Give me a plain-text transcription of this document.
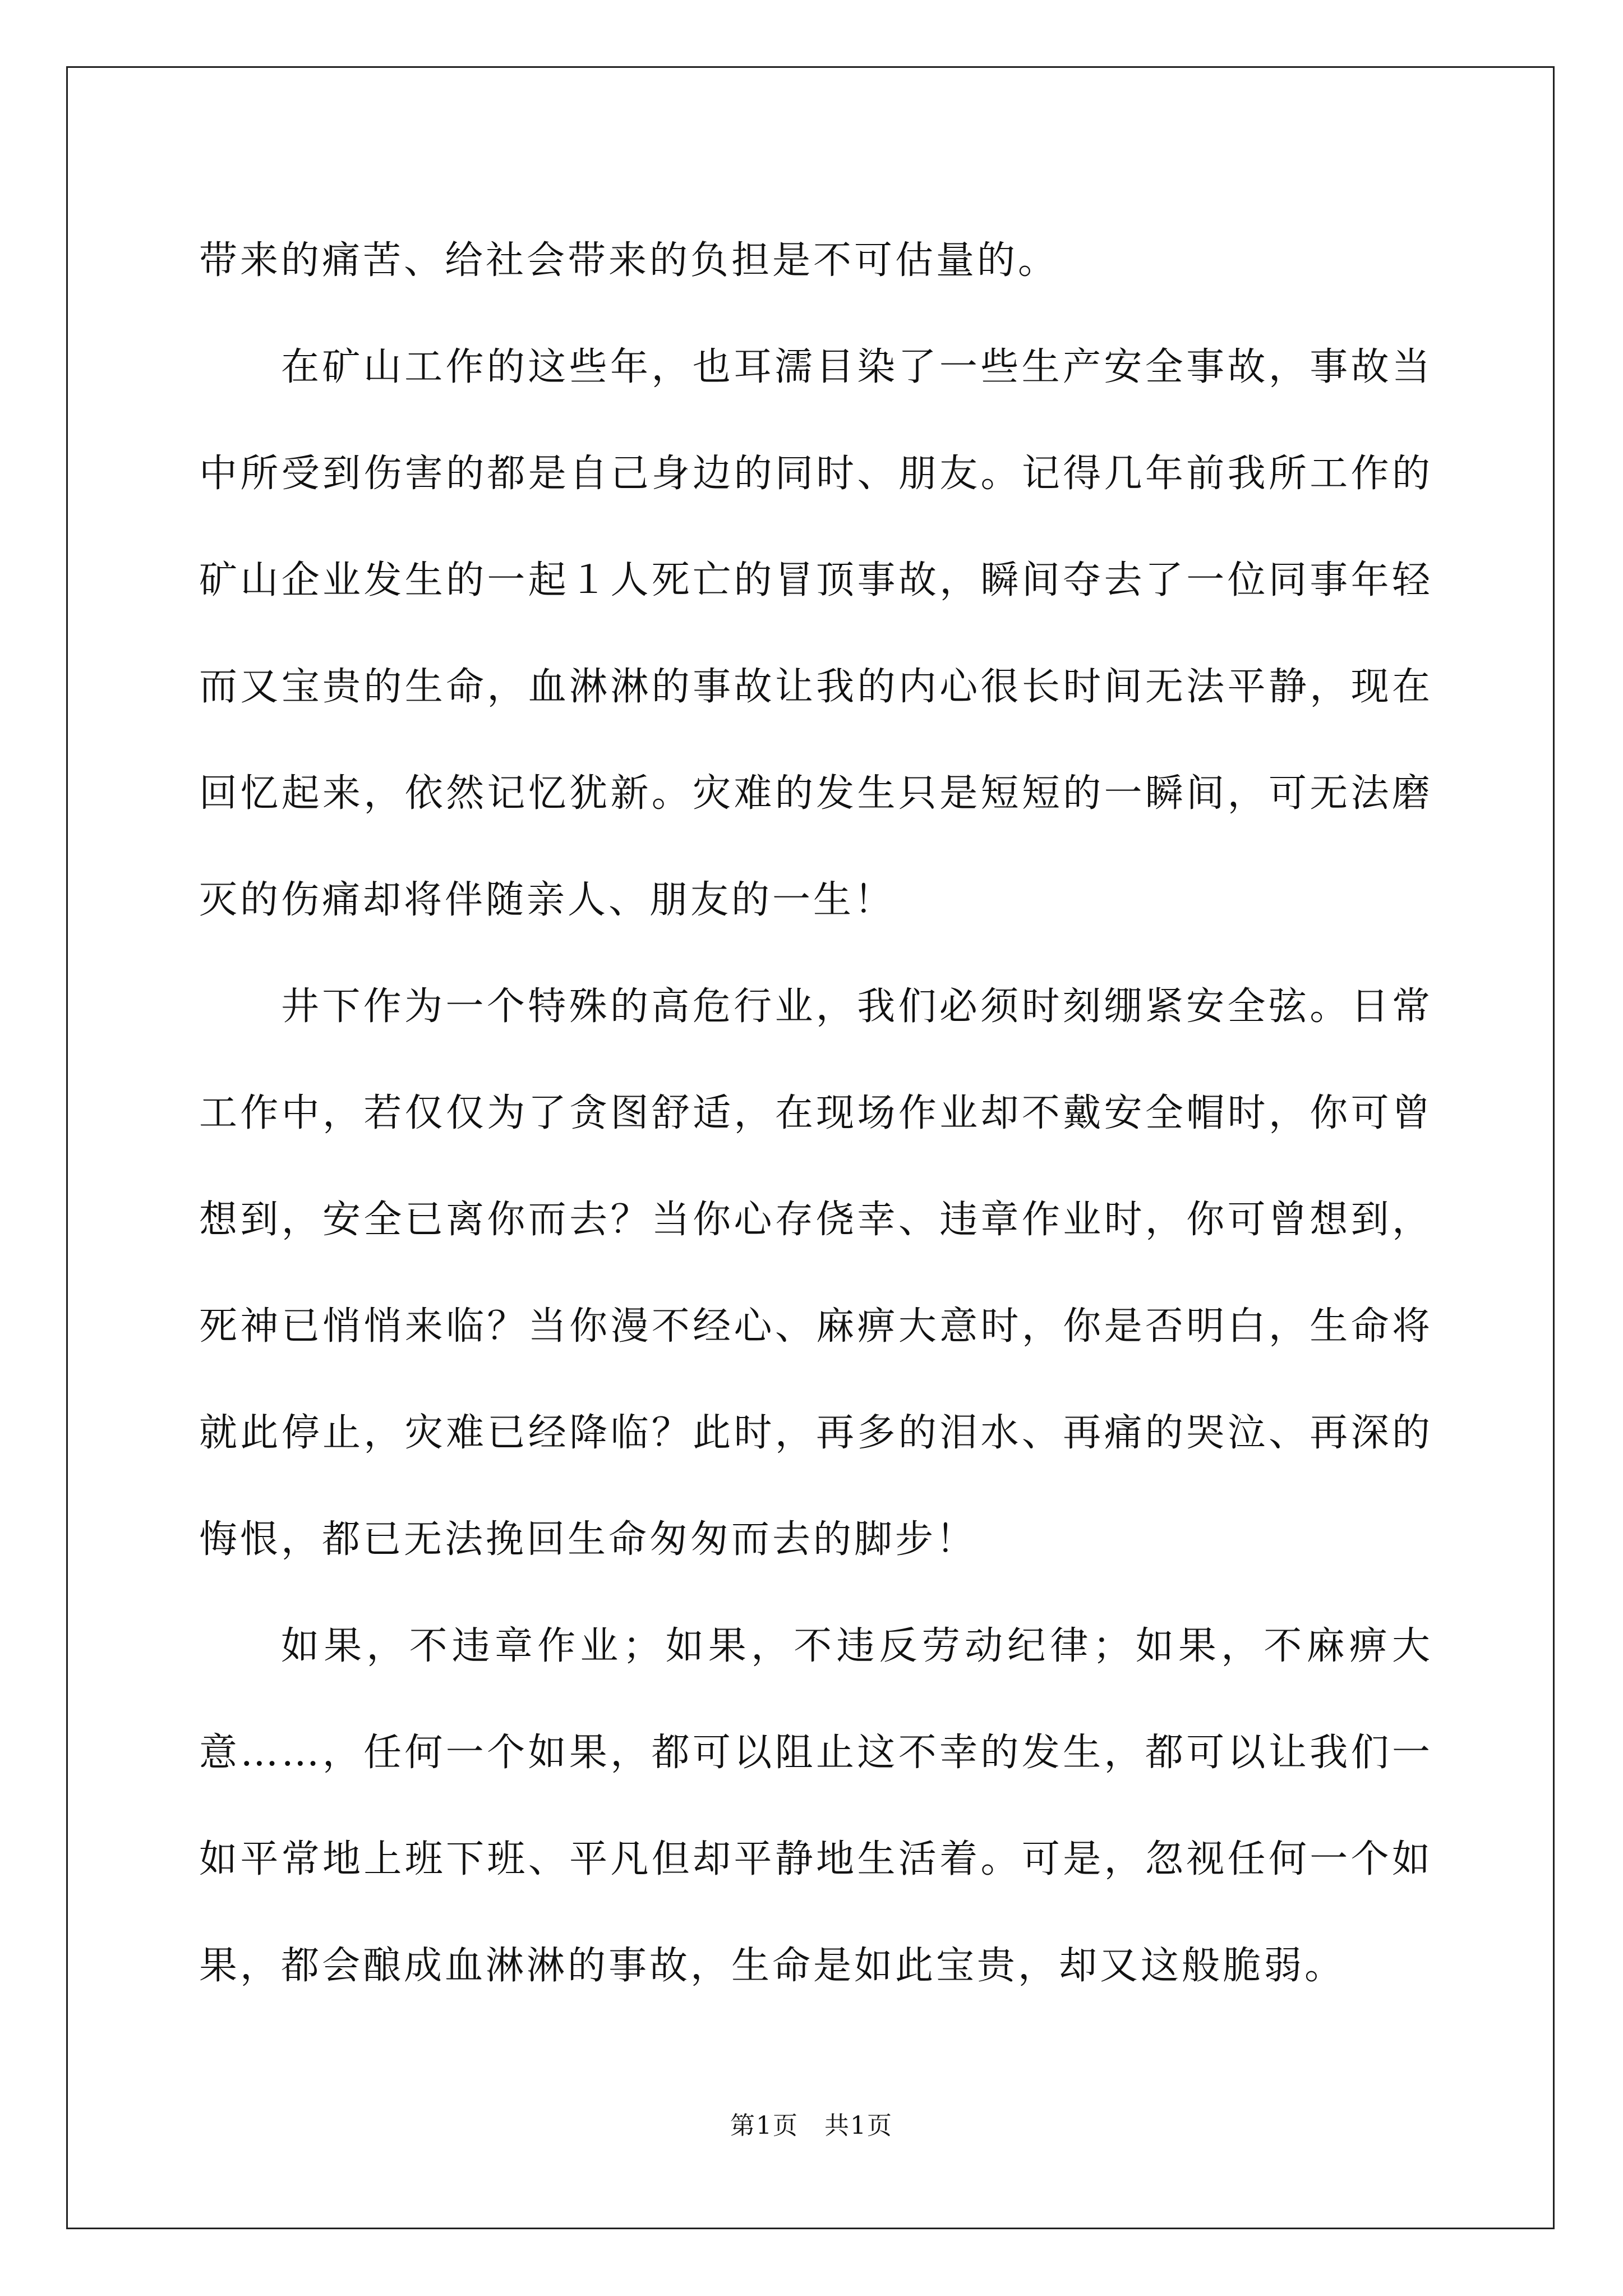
带来的痛苦、给社会带来的负担是不可估量的。

在矿山工作的这些年，也耳濡目染了一些生产安全事故，事故当中所受到伤害的都是自己身边的同时、朋友。记得几年前我所工作的矿山企业发生的一起１人死亡的冒顶事故，瞬间夺去了一位同事年轻而又宝贵的生命，血淋淋的事故让我的内心很长时间无法平静，现在回忆起来，依然记忆犹新。灾难的发生只是短短的一瞬间，可无法磨灭的伤痛却将伴随亲人、朋友的一生！

井下作为一个特殊的高危行业，我们必须时刻绷紧安全弦。日常工作中，若仅仅为了贪图舒适，在现场作业却不戴安全帽时，你可曾想到，安全已离你而去？当你心存侥幸、违章作业时，你可曾想到，死神已悄悄来临？当你漫不经心、麻痹大意时，你是否明白，生命将就此停止，灾难已经降临？此时，再多的泪水、再痛的哭泣、再深的悔恨，都已无法挽回生命匆匆而去的脚步！

如果，不违章作业；如果，不违反劳动纪律；如果，不麻痹大意……，任何一个如果，都可以阻止这不幸的发生，都可以让我们一如平常地上班下班、平凡但却平静地生活着。可是，忽视任何一个如果，都会酿成血淋淋的事故，生命是如此宝贵，却又这般脆弱。

第1页　共1页
